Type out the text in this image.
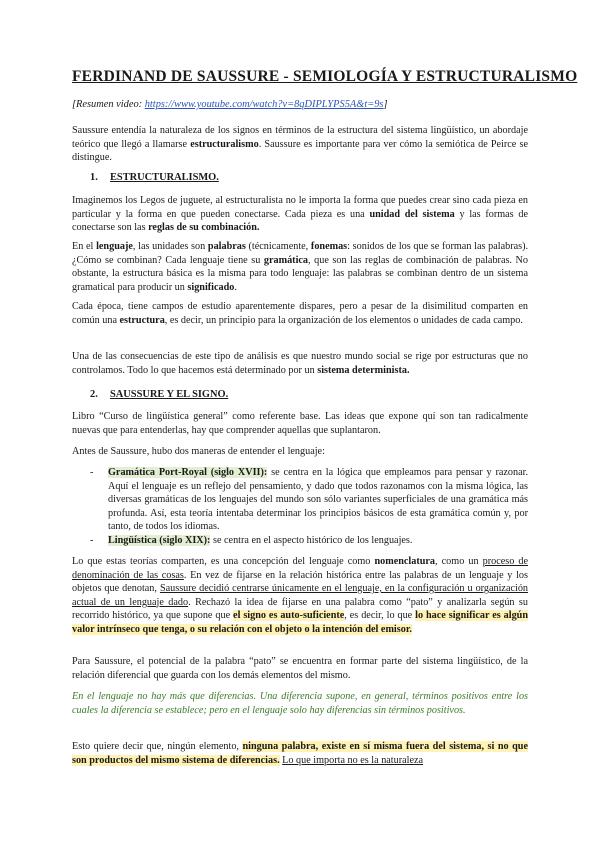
FERDINAND DE SAUSSURE - SEMIOLOGÍA Y ESTRUCTURALISMO
[Resumen video: https://www.youtube.com/watch?v=8qDIPLYPS5A&t=9s]
Saussure entendía la naturaleza de los signos en términos de la estructura del sistema lingüístico, un abordaje teórico que llegó a llamarse estructuralismo. Saussure es importante para ver cómo la semiótica de Peirce se distingue.
1. ESTRUCTURALISMO.
Imaginemos los Legos de juguete, al estructuralista no le importa la forma que puedes crear sino cada pieza en particular y la forma en que pueden conectarse. Cada pieza es una unidad del sistema y las formas de conectarse son las reglas de su combinación.
En el lenguaje, las unidades son palabras (técnicamente, fonemas: sonidos de los que se forman las palabras). ¿Cómo se combinan? Cada lenguaje tiene su gramática, que son las reglas de combinación de palabras. No obstante, la estructura básica es la misma para todo lenguaje: las palabras se combinan dentro de un sistema gramatical para producir un significado.
Cada época, tiene campos de estudio aparentemente dispares, pero a pesar de la disimilitud comparten en común una estructura, es decir, un principio para la organización de los elementos o unidades de cada campo.
Una de las consecuencias de este tipo de análisis es que nuestro mundo social se rige por estructuras que no controlamos. Todo lo que hacemos está determinado por un sistema determinista.
2. SAUSSURE Y EL SIGNO.
Libro “Curso de lingüística general” como referente base. Las ideas que expone quí son tan radicalmente nuevas que para entenderlas, hay que comprender aquellas que suplantaron.
Antes de Saussure, hubo dos maneras de entender el lenguaje:
- Gramática Port-Royal (siglo XVII): se centra en la lógica que empleamos para pensar y razonar. Aquí el lenguaje es un reflejo del pensamiento, y dado que todos razonamos con la misma lógica, las diversas gramáticas de los lenguajes del mundo son sólo variantes superficiales de una gramática más profunda. Así, esta teoría intentaba determinar los principios básicos de esta gramática común y, por tanto, de todos los idiomas.
- Lingüística (siglo XIX): se centra en el aspecto histórico de los lenguajes.
Lo que estas teorías comparten, es una concepción del lenguaje como nomenclatura, como un proceso de denominación de las cosas. En vez de fijarse en la relación histórica entre las palabras de un lenguaje y los objetos que denotan, Saussure decidió centrarse únicamente en el lenguaje, en la configuración u organización actual de un lenguaje dado. Rechazó la idea de fijarse en una palabra como “pato” y analizarla según su recorrido histórico, ya que supone que el signo es auto-suficiente, es decir, lo que lo hace significar es algún valor intrínseco que tenga, o su relación con el objeto o la intención del emisor.
Para Saussure, el potencial de la palabra “pato” se encuentra en formar parte del sistema lingüístico, de la relación diferencial que guarda con los demás elementos del mismo.
En el lenguaje no hay más que diferencias. Una diferencia supone, en general, términos positivos entre los cuales la diferencia se establece; pero en el lenguaje solo hay diferencias sin términos positivos.
Esto quiere decir que, ningún elemento, ninguna palabra, existe en sí misma fuera del sistema, si no que son productos del mismo sistema de diferencias. Lo que importa no es la naturaleza
